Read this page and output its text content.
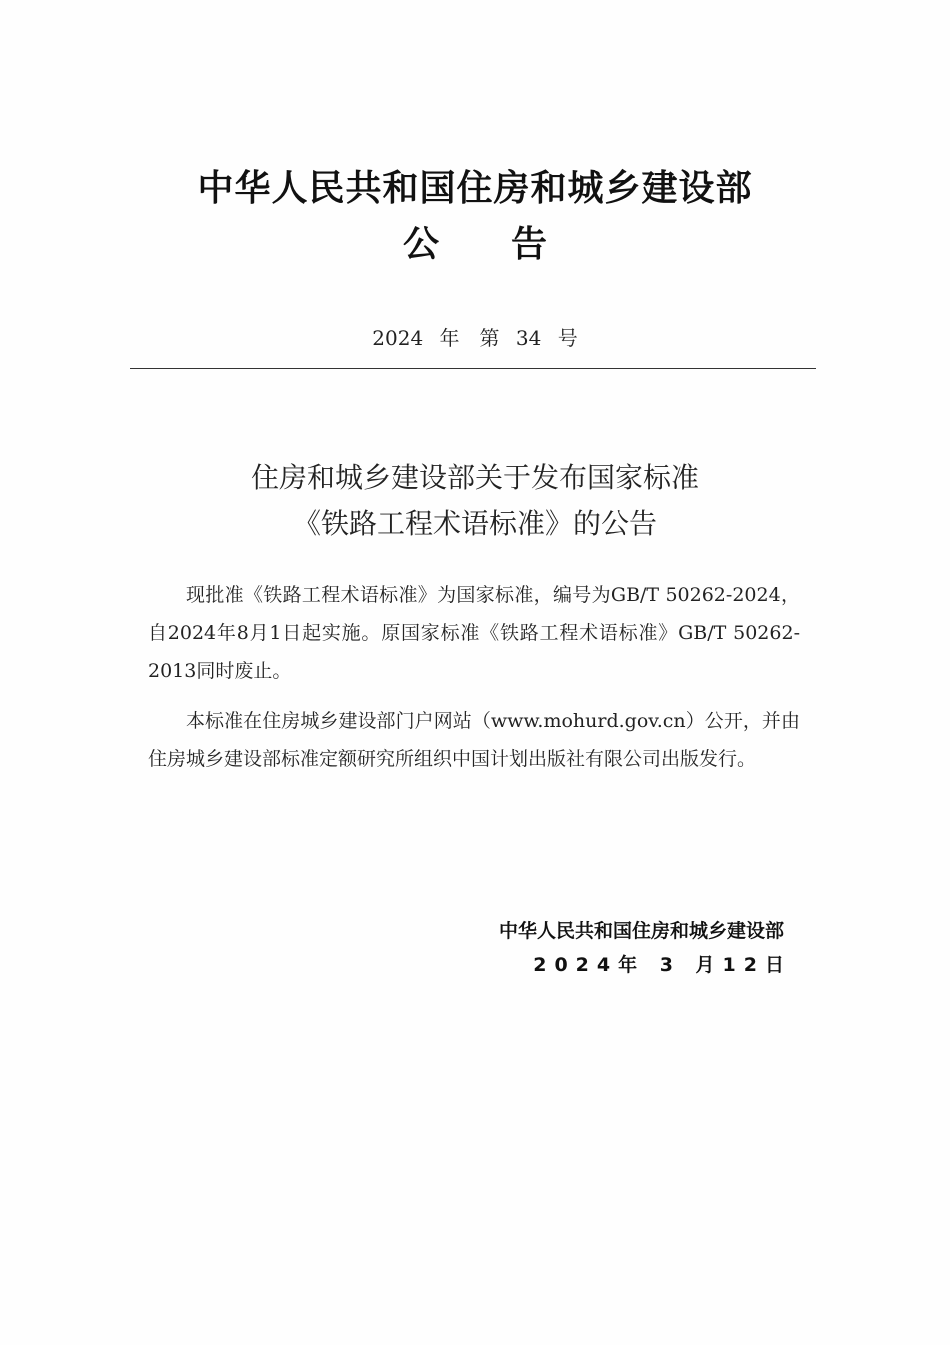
中华人民共和国住房和城乡建设部
公　　告
2024 年　第 34 号
住房和城乡建设部关于发布国家标准
《铁路工程术语标准》的公告

现批准《铁路工程术语标准》为国家标准，编号为GB/T 50262-2024，自2024年8月1日起实施。原国家标准《铁路工程术语标准》GB/T 50262-2013同时废止。

本标准在住房城乡建设部门户网站（www.mohurd.gov.cn）公开，并由住房城乡建设部标准定额研究所组织中国计划出版社有限公司出版发行。

中华人民共和国住房和城乡建设部
2024年 3 月12日
